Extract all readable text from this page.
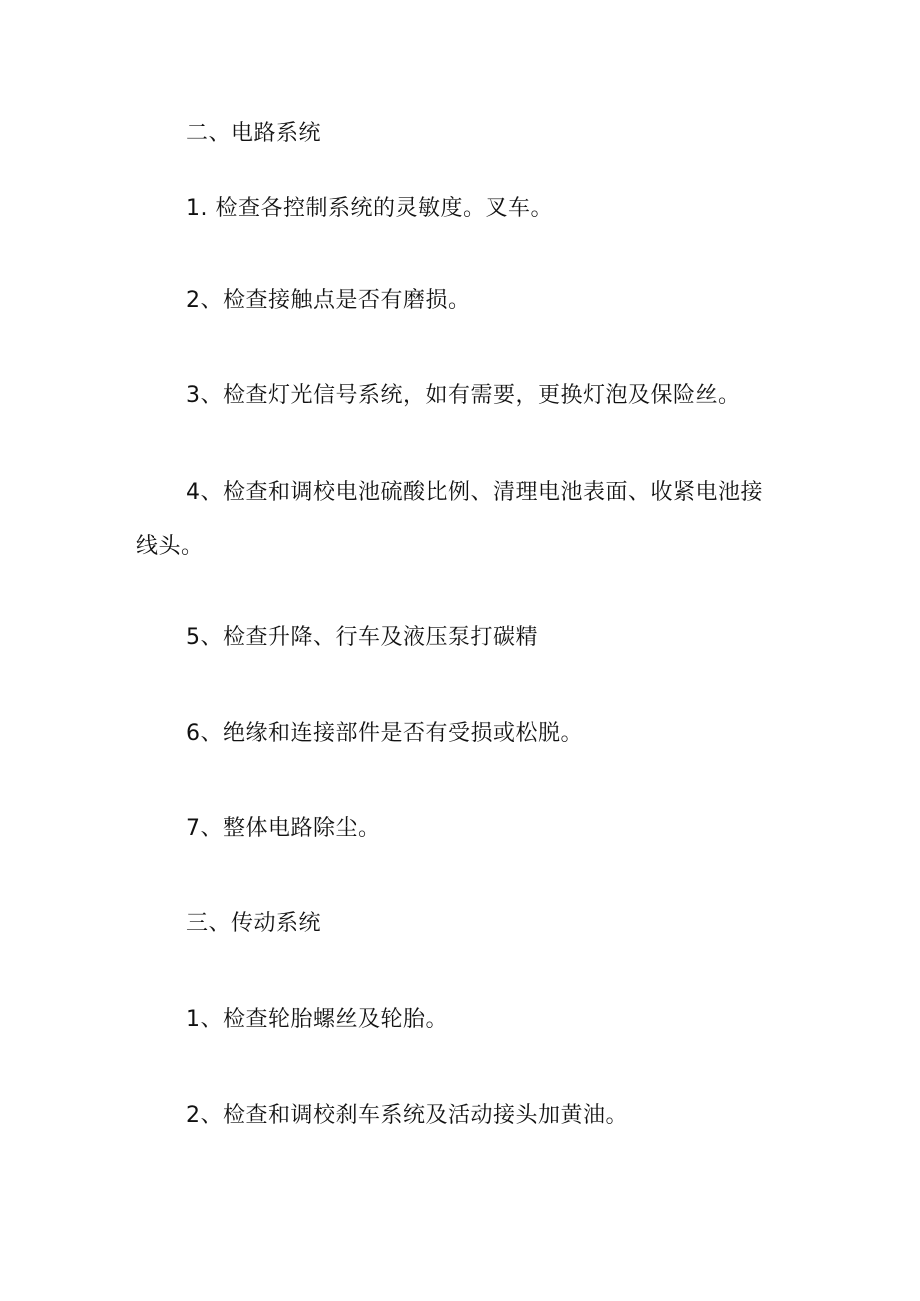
二、电路系统
1. 检查各控制系统的灵敏度。叉车。
2、检查接触点是否有磨损。
3、检查灯光信号系统，如有需要，更换灯泡及保险丝。
4、检查和调校电池硫酸比例、清理电池表面、收紧电池接
线头。
5、检查升降、行车及液压泵打碳精
6、绝缘和连接部件是否有受损或松脱。
7、整体电路除尘。
三、传动系统
1、检查轮胎螺丝及轮胎。
2、检查和调校刹车系统及活动接头加黄油。
